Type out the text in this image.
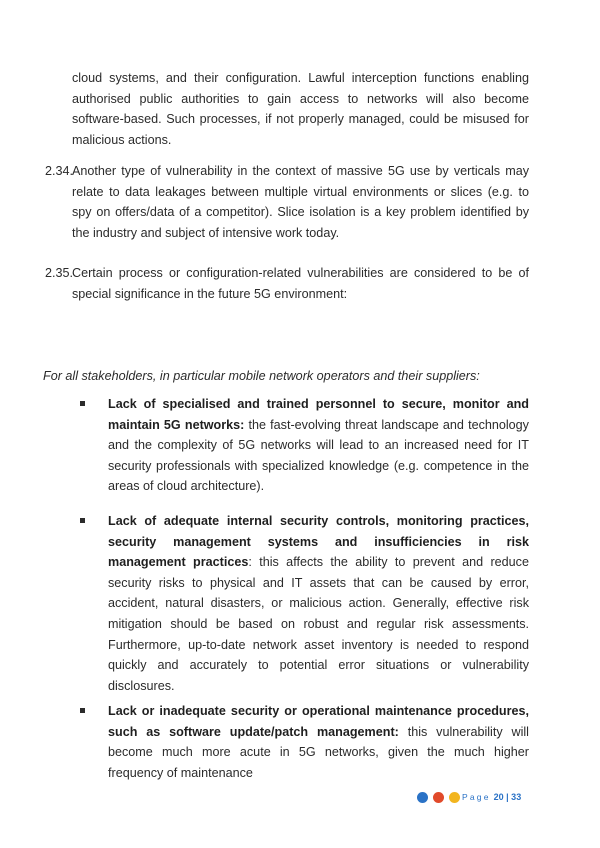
cloud systems, and their configuration. Lawful interception functions enabling authorised public authorities to gain access to networks will also become software-based. Such processes, if not properly managed, could be misused for malicious actions.

2.34.
Another type of vulnerability in the context of massive 5G use by verticals may relate to data leakages between multiple virtual environments or slices (e.g. to spy on offers/data of a competitor). Slice isolation is a key problem identified by the industry and subject of intensive work today.

2.35.
Certain process or configuration-related vulnerabilities are considered to be of special significance in the future 5G environment:

For all stakeholders, in particular mobile network operators and their suppliers:

Lack of specialised and trained personnel to secure, monitor and maintain 5G networks: the fast-evolving threat landscape and technology and the complexity of 5G networks will lead to an increased need for IT security professionals with specialized knowledge (e.g. competence in the areas of cloud architecture).

Lack of adequate internal security controls, monitoring practices, security management systems and insufficiencies in risk management practices: this affects the ability to prevent and reduce security risks to physical and IT assets that can be caused by error, accident, natural disasters, or malicious action. Generally, effective risk mitigation should be based on robust and regular risk assessments. Furthermore, up-to-date network asset inventory is needed to respond quickly and accurately to potential error situations or vulnerability disclosures.

Lack or inadequate security or operational maintenance procedures, such as software update/patch management: this vulnerability will become much more acute in 5G networks, given the much higher frequency of maintenance

Page 20 | 33
